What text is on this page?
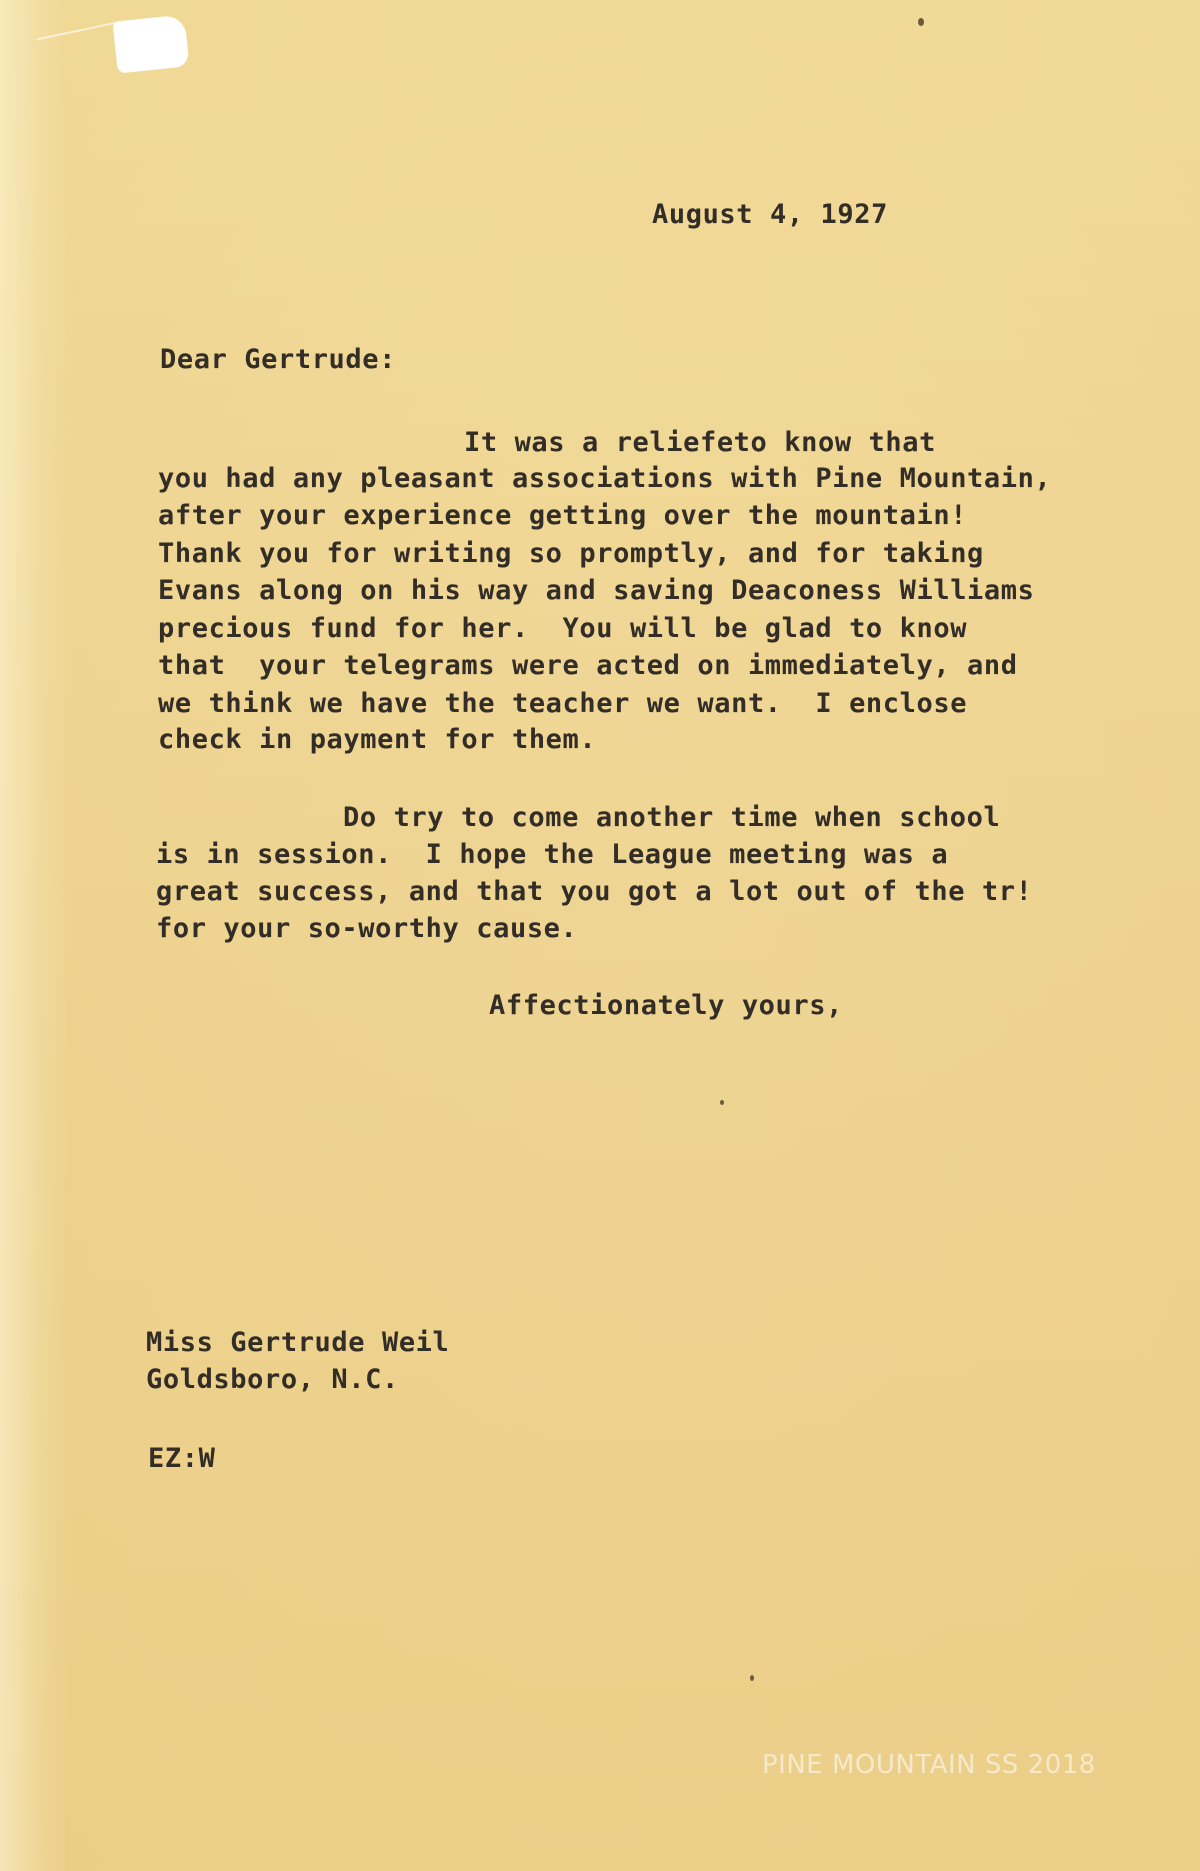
August 4, 1927
Dear Gertrude:
It was a reliefeto know that
you had any pleasant associations with Pine Mountain,
after your experience getting over the mountain!
Thank you for writing so promptly, and for taking
Evans along on his way and saving Deaconess Williams
precious fund for her.  You will be glad to know
that  your telegrams were acted on immediately, and
we think we have the teacher we want.  I enclose
check in payment for them.
Do try to come another time when school
is in session.  I hope the League meeting was a
great success, and that you got a lot out of the tr!
for your so-worthy cause.
Affectionately yours,
Miss Gertrude Weil
Goldsboro, N.C.
EZ:W
PINE MOUNTAIN SS 2018
